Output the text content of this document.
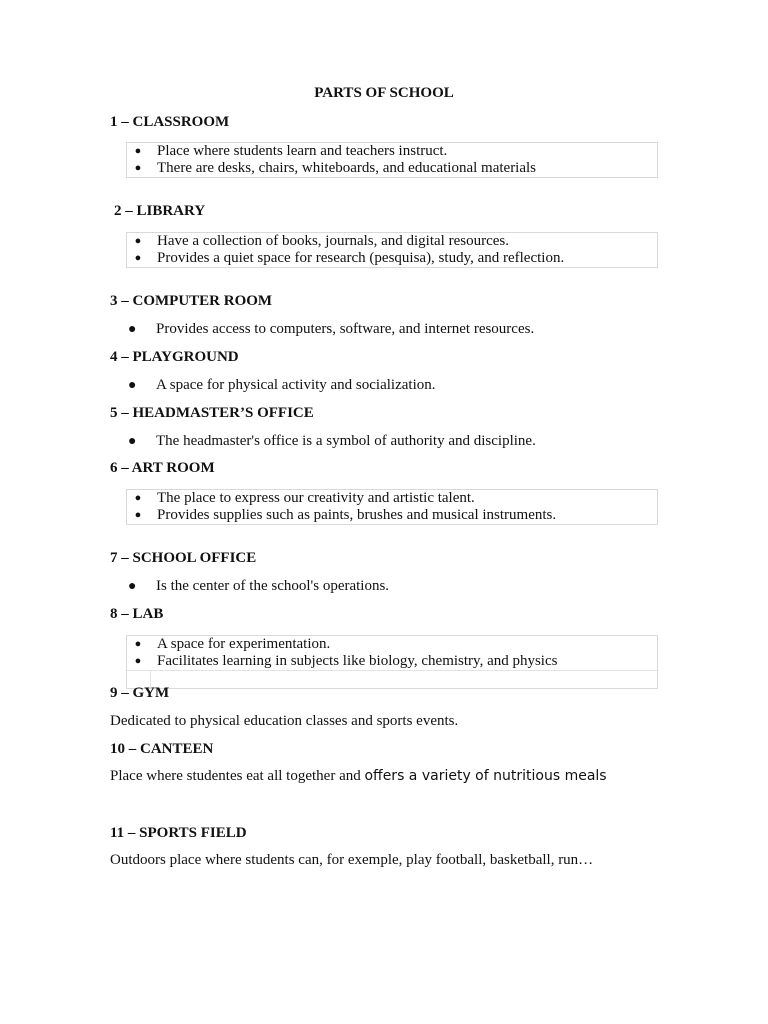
PARTS OF SCHOOL
1 – CLASSROOM
● Place where students learn and teachers instruct.
● There are desks, chairs, whiteboards, and educational materials
2 – LIBRARY
● Have a collection of books, journals, and digital resources.
● Provides a quiet space for research (pesquisa), study, and reflection.
3 – COMPUTER ROOM
● Provides access to computers, software, and internet resources.
4 – PLAYGROUND
● A space for physical activity and socialization.
5 – HEADMASTER’S OFFICE
● The headmaster's office is a symbol of authority and discipline.
6 – ART ROOM
● The place to express our creativity and artistic talent.
● Provides supplies such as paints, brushes and musical instruments.
7 – SCHOOL OFFICE
● Is the center of the school's operations.
8 – LAB
● A space for experimentation.
● Facilitates learning in subjects like biology, chemistry, and physics
9 – GYM
Dedicated to physical education classes and sports events.
10 – CANTEEN
Place where studentes eat all together and offers a variety of nutritious meals
11 – SPORTS FIELD
Outdoors place where students can, for exemple, play football, basketball, run…
